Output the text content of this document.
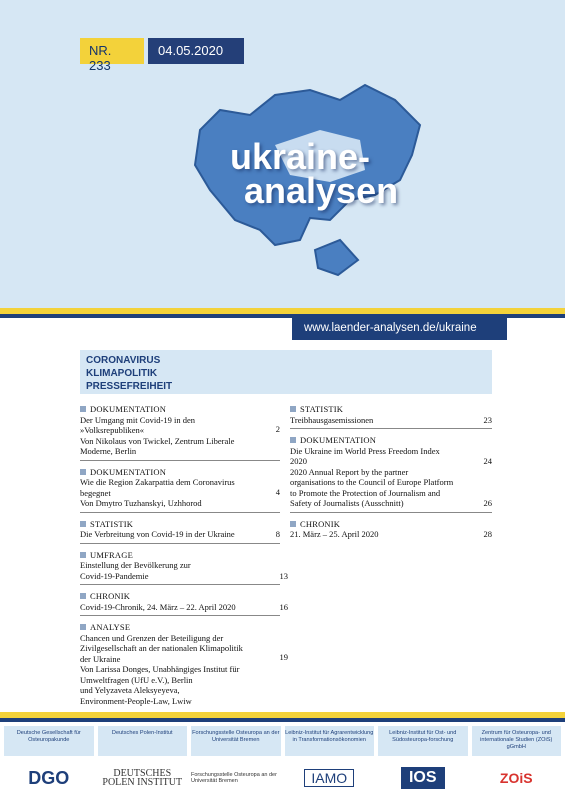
NR. 233
04.05.2020
ukraine-
analysen
www.laender-analysen.de/ukraine
CORONAVIRUS
KLIMAPOLITIK
PRESSEFREIHEIT
DOKUMENTATION
Der Umgang mit Covid-19 in den
»Volksrepubliken«
Von Nikolaus von Twickel, Zentrum Liberale
Moderne, Berlin
2
DOKUMENTATION
Wie die Region Zakarpattia dem Coronavirus
begegnet
Von Dmytro Tuzhanskyi, Uzhhorod
4
STATISTIK
Die Verbreitung von Covid-19 in der Ukraine	8
UMFRAGE
Einstellung der Bevölkerung zur
Covid-19-Pandemie	13
CHRONIK
Covid-19-Chronik, 24. März – 22. April 2020	16
ANALYSE
Chancen und Grenzen der Beteiligung der
Zivilgesellschaft an der nationalen Klimapolitik
der Ukraine
Von Larissa Donges, Unabhängiges Institut für
Umweltfragen (UfU e.V.), Berlin
und Yelyzaveta Aleksyeyeva,
Environment-People-Law, Lwiw
19
STATISTIK
Treibhausgasemissionen	23
DOKUMENTATION
Die Ukraine im World Press Freedom Index
2020	24
2020 Annual Report by the partner
organisations to the Council of Europe Platform
to Promote the Protection of Journalism and
Safety of Journalists (Ausschnitt)	26
CHRONIK
21. März – 25. April 2020	28
Deutsche Gesellschaft für Osteuropakunde
DGO
Deutsches Polen-Institut
DEUTSCHES POLEN INSTITUT
Forschungsstelle Osteuropa an der Universität Bremen
Forschungsstelle Osteuropa an der Universität Bremen
Leibniz-Institut für Agrarentwicklung in Transformationsökonomien
IAMO
Leibniz-Institut für Ost- und Südosteuropa-forschung
IOS
Zentrum für Osteuropa- und internationale Studien (ZOiS) gGmbH
ZOiS
